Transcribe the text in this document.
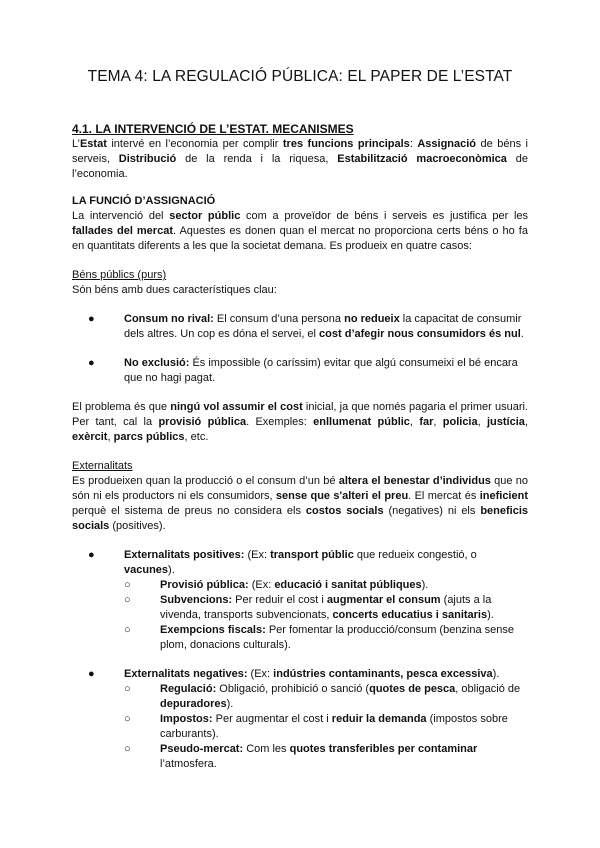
TEMA 4: LA REGULACIÓ PÚBLICA: EL PAPER DE L’ESTAT
4.1. LA INTERVENCIÓ DE L’ESTAT. MECANISMES

L’Estat intervé en l’economia per complir tres funcions principals: Assignació de béns i serveis, Distribució de la renda i la riquesa, Estabilització macroeconòmica de l’economia.

LA FUNCIÓ D’ASSIGNACIÓ

La intervenció del sector públic com a proveïdor de béns i serveis es justifica per les fallades del mercat. Aquestes es donen quan el mercat no proporciona certs béns o ho fa en quantitats diferents a les que la societat demana. Es produeix en quatre casos:

Béns públics (purs)

Són béns amb dues característiques clau:

●	Consum no rival: El consum d’una persona no redueix la capacitat de consumir dels altres. Un cop es dóna el servei, el cost d’afegir nous consumidors és nul.
●	No exclusió: És impossible (o caríssim) evitar que algú consumeixi el bé encara que no hagi pagat.

El problema és que ningú vol assumir el cost inicial, ja que només pagaria el primer usuari. Per tant, cal la provisió pública. Exemples: enllumenat públic, far, policia, justícia, exèrcit, parcs públics, etc.

Externalitats

Es produeixen quan la producció o el consum d’un bé altera el benestar d’individus que no són ni els productors ni els consumidors, sense que s'alteri el preu. El mercat és ineficient perquè el sistema de preus no considera els costos socials (negatives) ni els beneficis socials (positives).

●	Externalitats positives: (Ex: transport públic que redueix congestió, o vacunes).
○	Provisió pública: (Ex: educació i sanitat públiques).
○	Subvencions: Per reduir el cost i augmentar el consum (ajuts a la vivenda, transports subvencionats, concerts educatius i sanitaris).
○	Exempcions fiscals: Per fomentar la producció/consum (benzina sense plom, donacions culturals).
●	Externalitats negatives: (Ex: indústries contaminants, pesca excessiva).
○	Regulació: Obligació, prohibició o sanció (quotes de pesca, obligació de depuradores).
○	Impostos: Per augmentar el cost i reduir la demanda (impostos sobre carburants).
○	Pseudo-mercat: Com les quotes transferibles per contaminar l’atmosfera.
